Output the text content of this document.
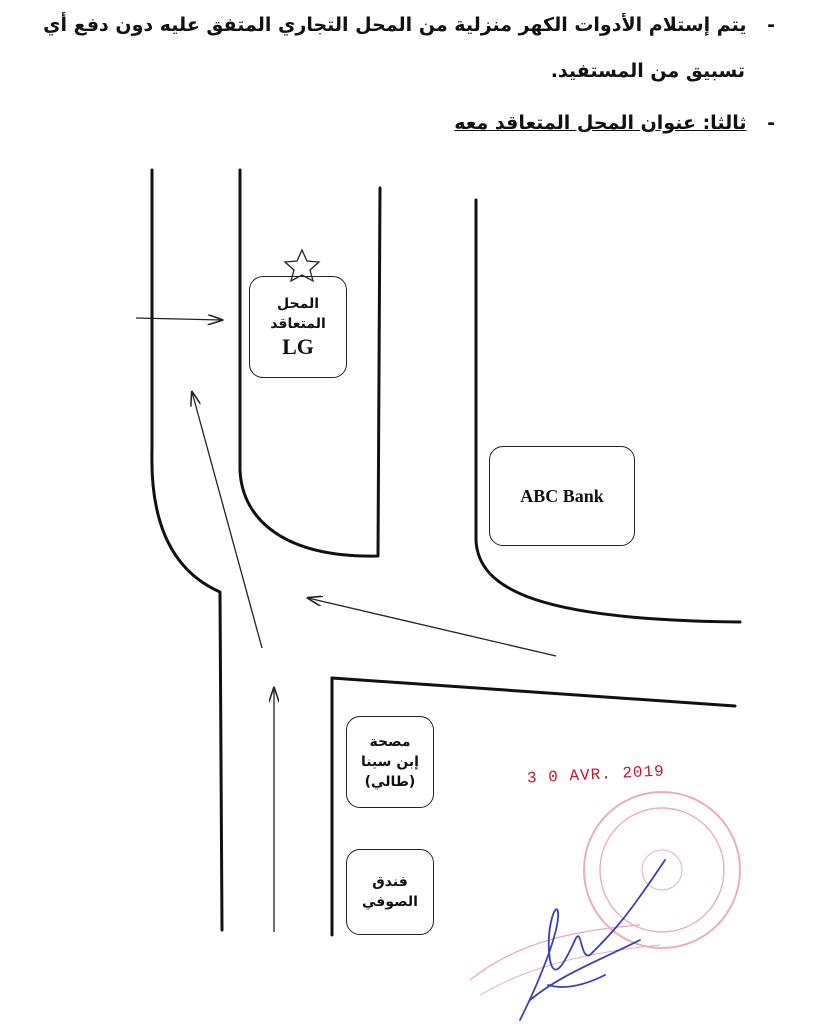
- يتم إستلام الأدوات الكهر منزلية من المحل التجاري المتفق عليه دون دفع أي
تسبيق من المستفيد.
- ثالثا: عنوان المحل المتعاقد معه
المحل
المتعاقد
LG
ABC Bank
مصحة
إبن سينا
(طالي)
فندق
الصوفي
3 0 AVR. 2019
